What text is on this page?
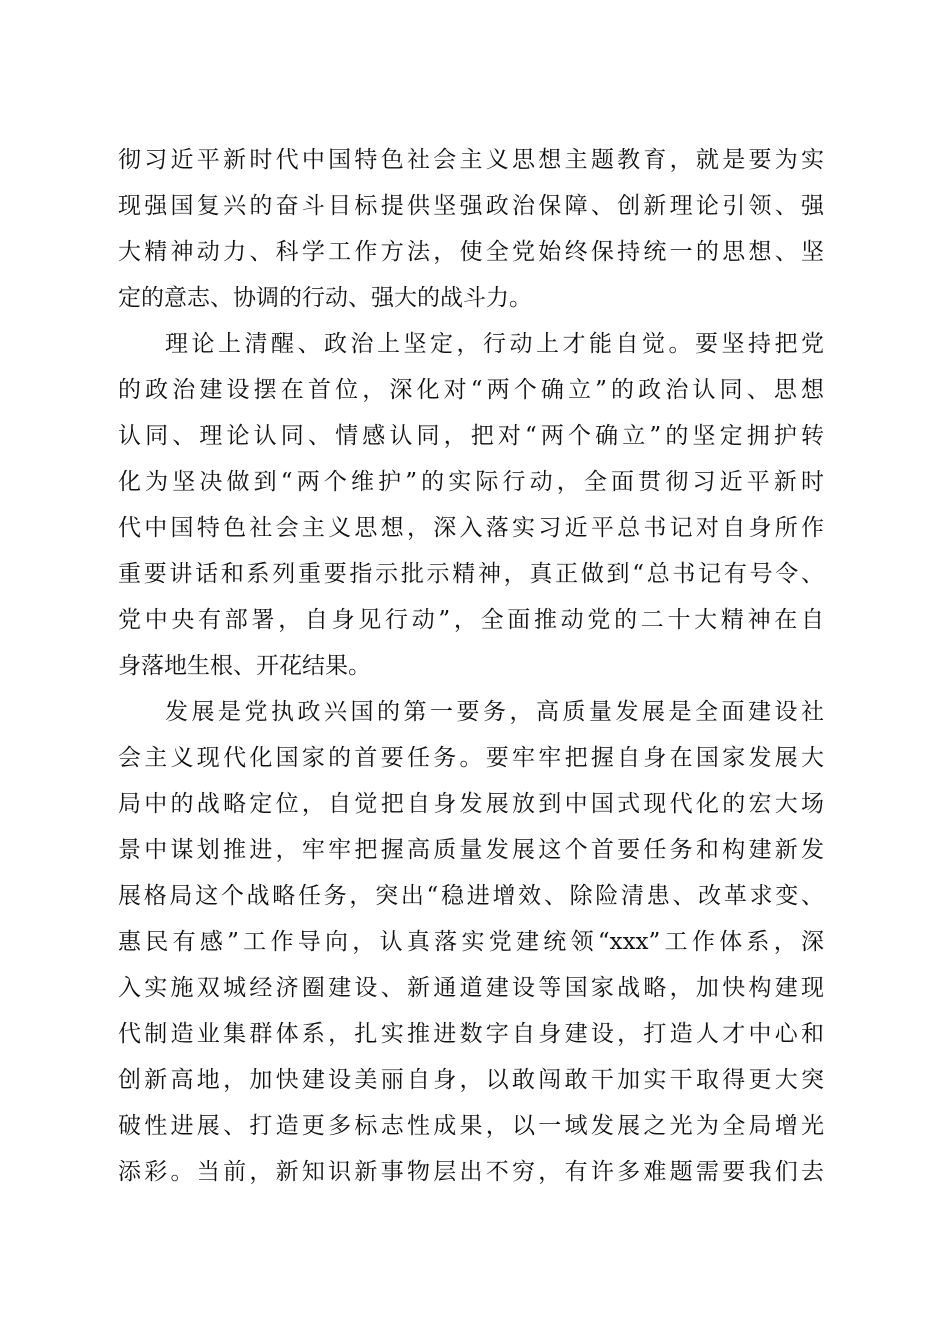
彻习近平新时代中国特色社会主义思想主题教育，就是要为实
现强国复兴的奋斗目标提供坚强政治保障、创新理论引领、强
大精神动力、科学工作方法，使全党始终保持统一的思想、坚
定的意志、协调的行动、强大的战斗力。
理论上清醒、政治上坚定，行动上才能自觉。要坚持把党
的政治建设摆在首位，深化对“两个确立”的政治认同、思想
认同、理论认同、情感认同，把对“两个确立”的坚定拥护转
化为坚决做到“两个维护”的实际行动，全面贯彻习近平新时
代中国特色社会主义思想，深入落实习近平总书记对自身所作
重要讲话和系列重要指示批示精神，真正做到“总书记有号令、
党中央有部署，自身见行动”，全面推动党的二十大精神在自
身落地生根、开花结果。
发展是党执政兴国的第一要务，高质量发展是全面建设社
会主义现代化国家的首要任务。要牢牢把握自身在国家发展大
局中的战略定位，自觉把自身发展放到中国式现代化的宏大场
景中谋划推进，牢牢把握高质量发展这个首要任务和构建新发
展格局这个战略任务，突出“稳进增效、除险清患、改革求变、
惠民有感”工作导向，认真落实党建统领“xxx”工作体系，深
入实施双城经济圈建设、新通道建设等国家战略，加快构建现
代制造业集群体系，扎实推进数字自身建设，打造人才中心和
创新高地，加快建设美丽自身，以敢闯敢干加实干取得更大突
破性进展、打造更多标志性成果，以一域发展之光为全局增光
添彩。当前，新知识新事物层出不穷，有许多难题需要我们去
